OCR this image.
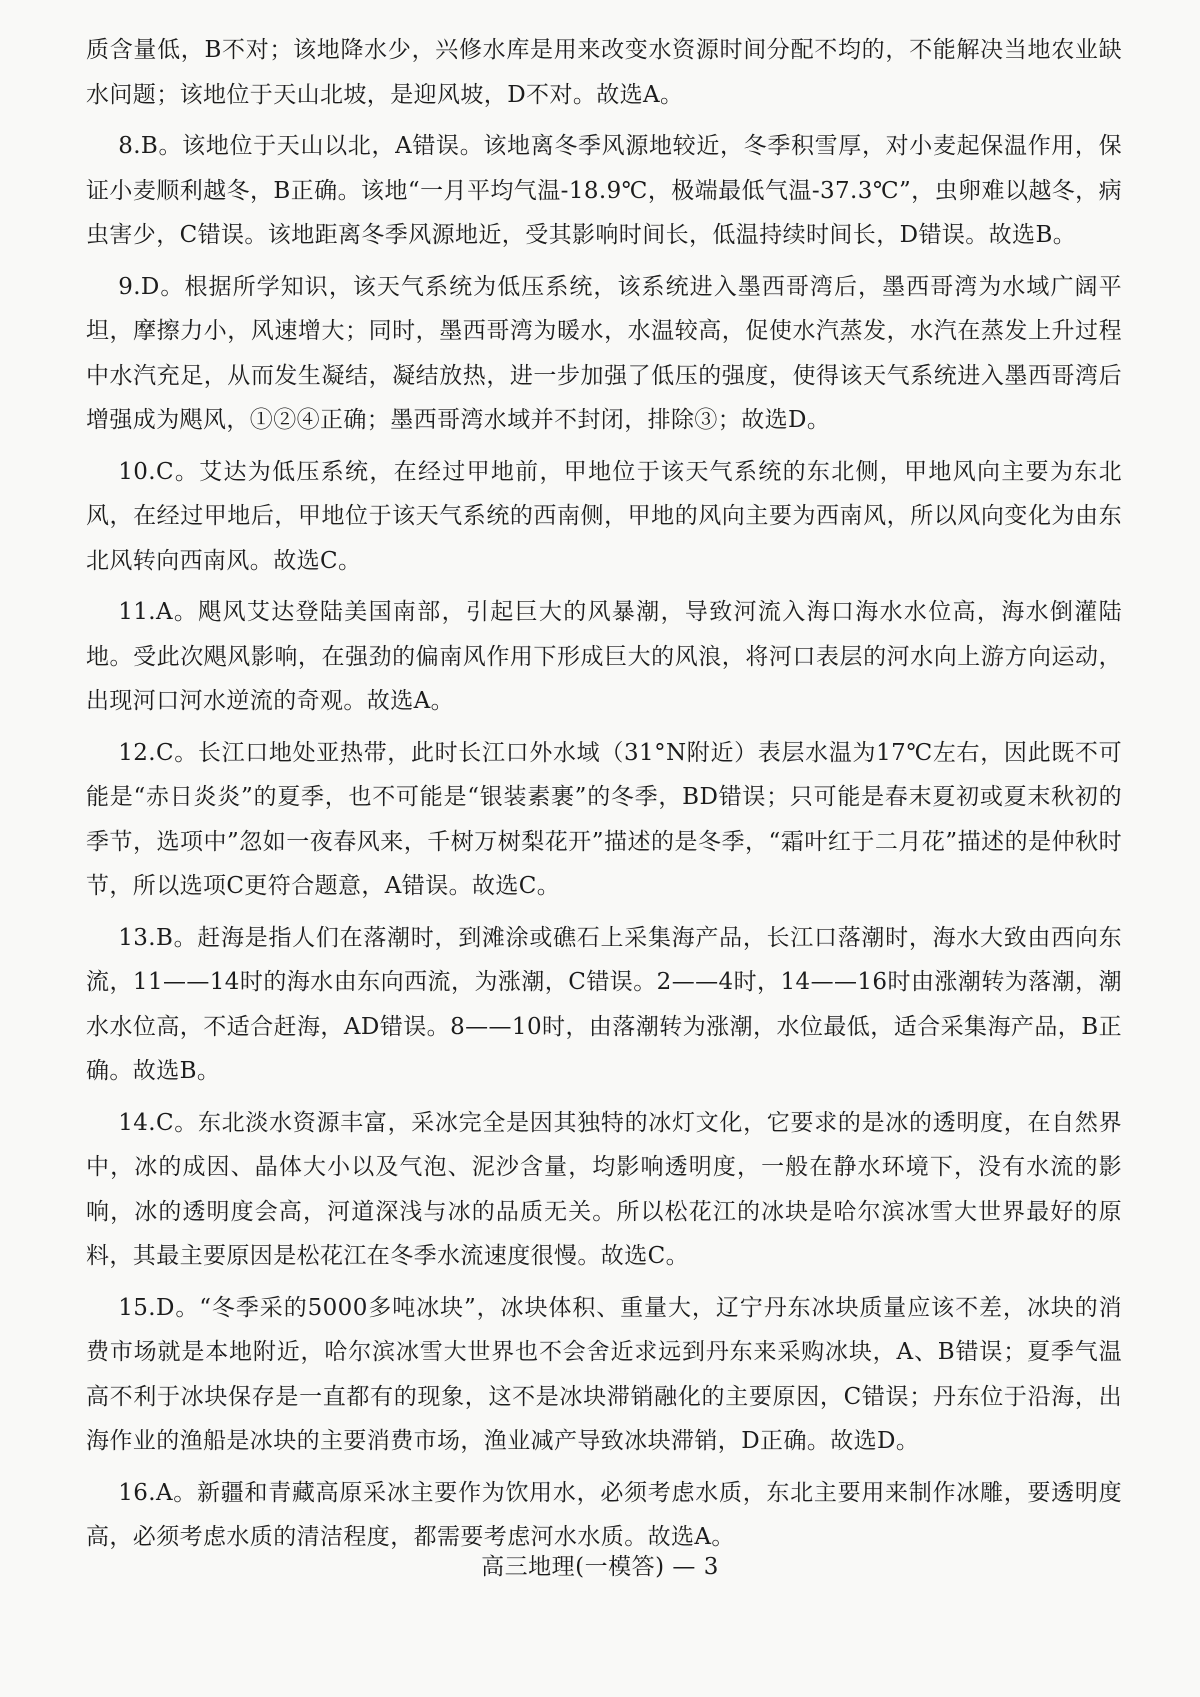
质含量低，B不对；该地降水少，兴修水库是用来改变水资源时间分配不均的，不能解决当地农业缺水问题；该地位于天山北坡，是迎风坡，D不对。故选A。

8.B。该地位于天山以北，A错误。该地离冬季风源地较近，冬季积雪厚，对小麦起保温作用，保证小麦顺利越冬，B正确。该地“一月平均气温-18.9℃，极端最低气温-37.3℃”，虫卵难以越冬，病虫害少，C错误。该地距离冬季风源地近，受其影响时间长，低温持续时间长，D错误。故选B。

9.D。根据所学知识，该天气系统为低压系统，该系统进入墨西哥湾后，墨西哥湾为水域广阔平坦，摩擦力小，风速增大；同时，墨西哥湾为暖水，水温较高，促使水汽蒸发，水汽在蒸发上升过程中水汽充足，从而发生凝结，凝结放热，进一步加强了低压的强度，使得该天气系统进入墨西哥湾后增强成为飓风，①②④正确；墨西哥湾水域并不封闭，排除③；故选D。

10.C。艾达为低压系统，在经过甲地前，甲地位于该天气系统的东北侧，甲地风向主要为东北风，在经过甲地后，甲地位于该天气系统的西南侧，甲地的风向主要为西南风，所以风向变化为由东北风转向西南风。故选C。

11.A。飓风艾达登陆美国南部，引起巨大的风暴潮，导致河流入海口海水水位高，海水倒灌陆地。受此次飓风影响，在强劲的偏南风作用下形成巨大的风浪，将河口表层的河水向上游方向运动，出现河口河水逆流的奇观。故选A。

12.C。长江口地处亚热带，此时长江口外水域（31°N附近）表层水温为17℃左右，因此既不可能是“赤日炎炎”的夏季，也不可能是“银装素裹”的冬季，BD错误；只可能是春末夏初或夏末秋初的季节，选项中”忽如一夜春风来，千树万树梨花开”描述的是冬季，“霜叶红于二月花”描述的是仲秋时节，所以选项C更符合题意，A错误。故选C。

13.B。赶海是指人们在落潮时，到滩涂或礁石上采集海产品，长江口落潮时，海水大致由西向东流，11——14时的海水由东向西流，为涨潮，C错误。2——4时，14——16时由涨潮转为落潮，潮水水位高，不适合赶海，AD错误。8——10时，由落潮转为涨潮，水位最低，适合采集海产品，B正确。故选B。

14.C。东北淡水资源丰富，采冰完全是因其独特的冰灯文化，它要求的是冰的透明度，在自然界中，冰的成因、晶体大小以及气泡、泥沙含量，均影响透明度，一般在静水环境下，没有水流的影响，冰的透明度会高，河道深浅与冰的品质无关。所以松花江的冰块是哈尔滨冰雪大世界最好的原料，其最主要原因是松花江在冬季水流速度很慢。故选C。

15.D。“冬季采的5000多吨冰块”，冰块体积、重量大，辽宁丹东冰块质量应该不差，冰块的消费市场就是本地附近，哈尔滨冰雪大世界也不会舍近求远到丹东来采购冰块，A、B错误；夏季气温高不利于冰块保存是一直都有的现象，这不是冰块滞销融化的主要原因，C错误；丹东位于沿海，出海作业的渔船是冰块的主要消费市场，渔业减产导致冰块滞销，D正确。故选D。

16.A。新疆和青藏高原采冰主要作为饮用水，必须考虑水质，东北主要用来制作冰雕，要透明度高，必须考虑水质的清洁程度，都需要考虑河水水质。故选A。

高三地理(一模答) — 3
